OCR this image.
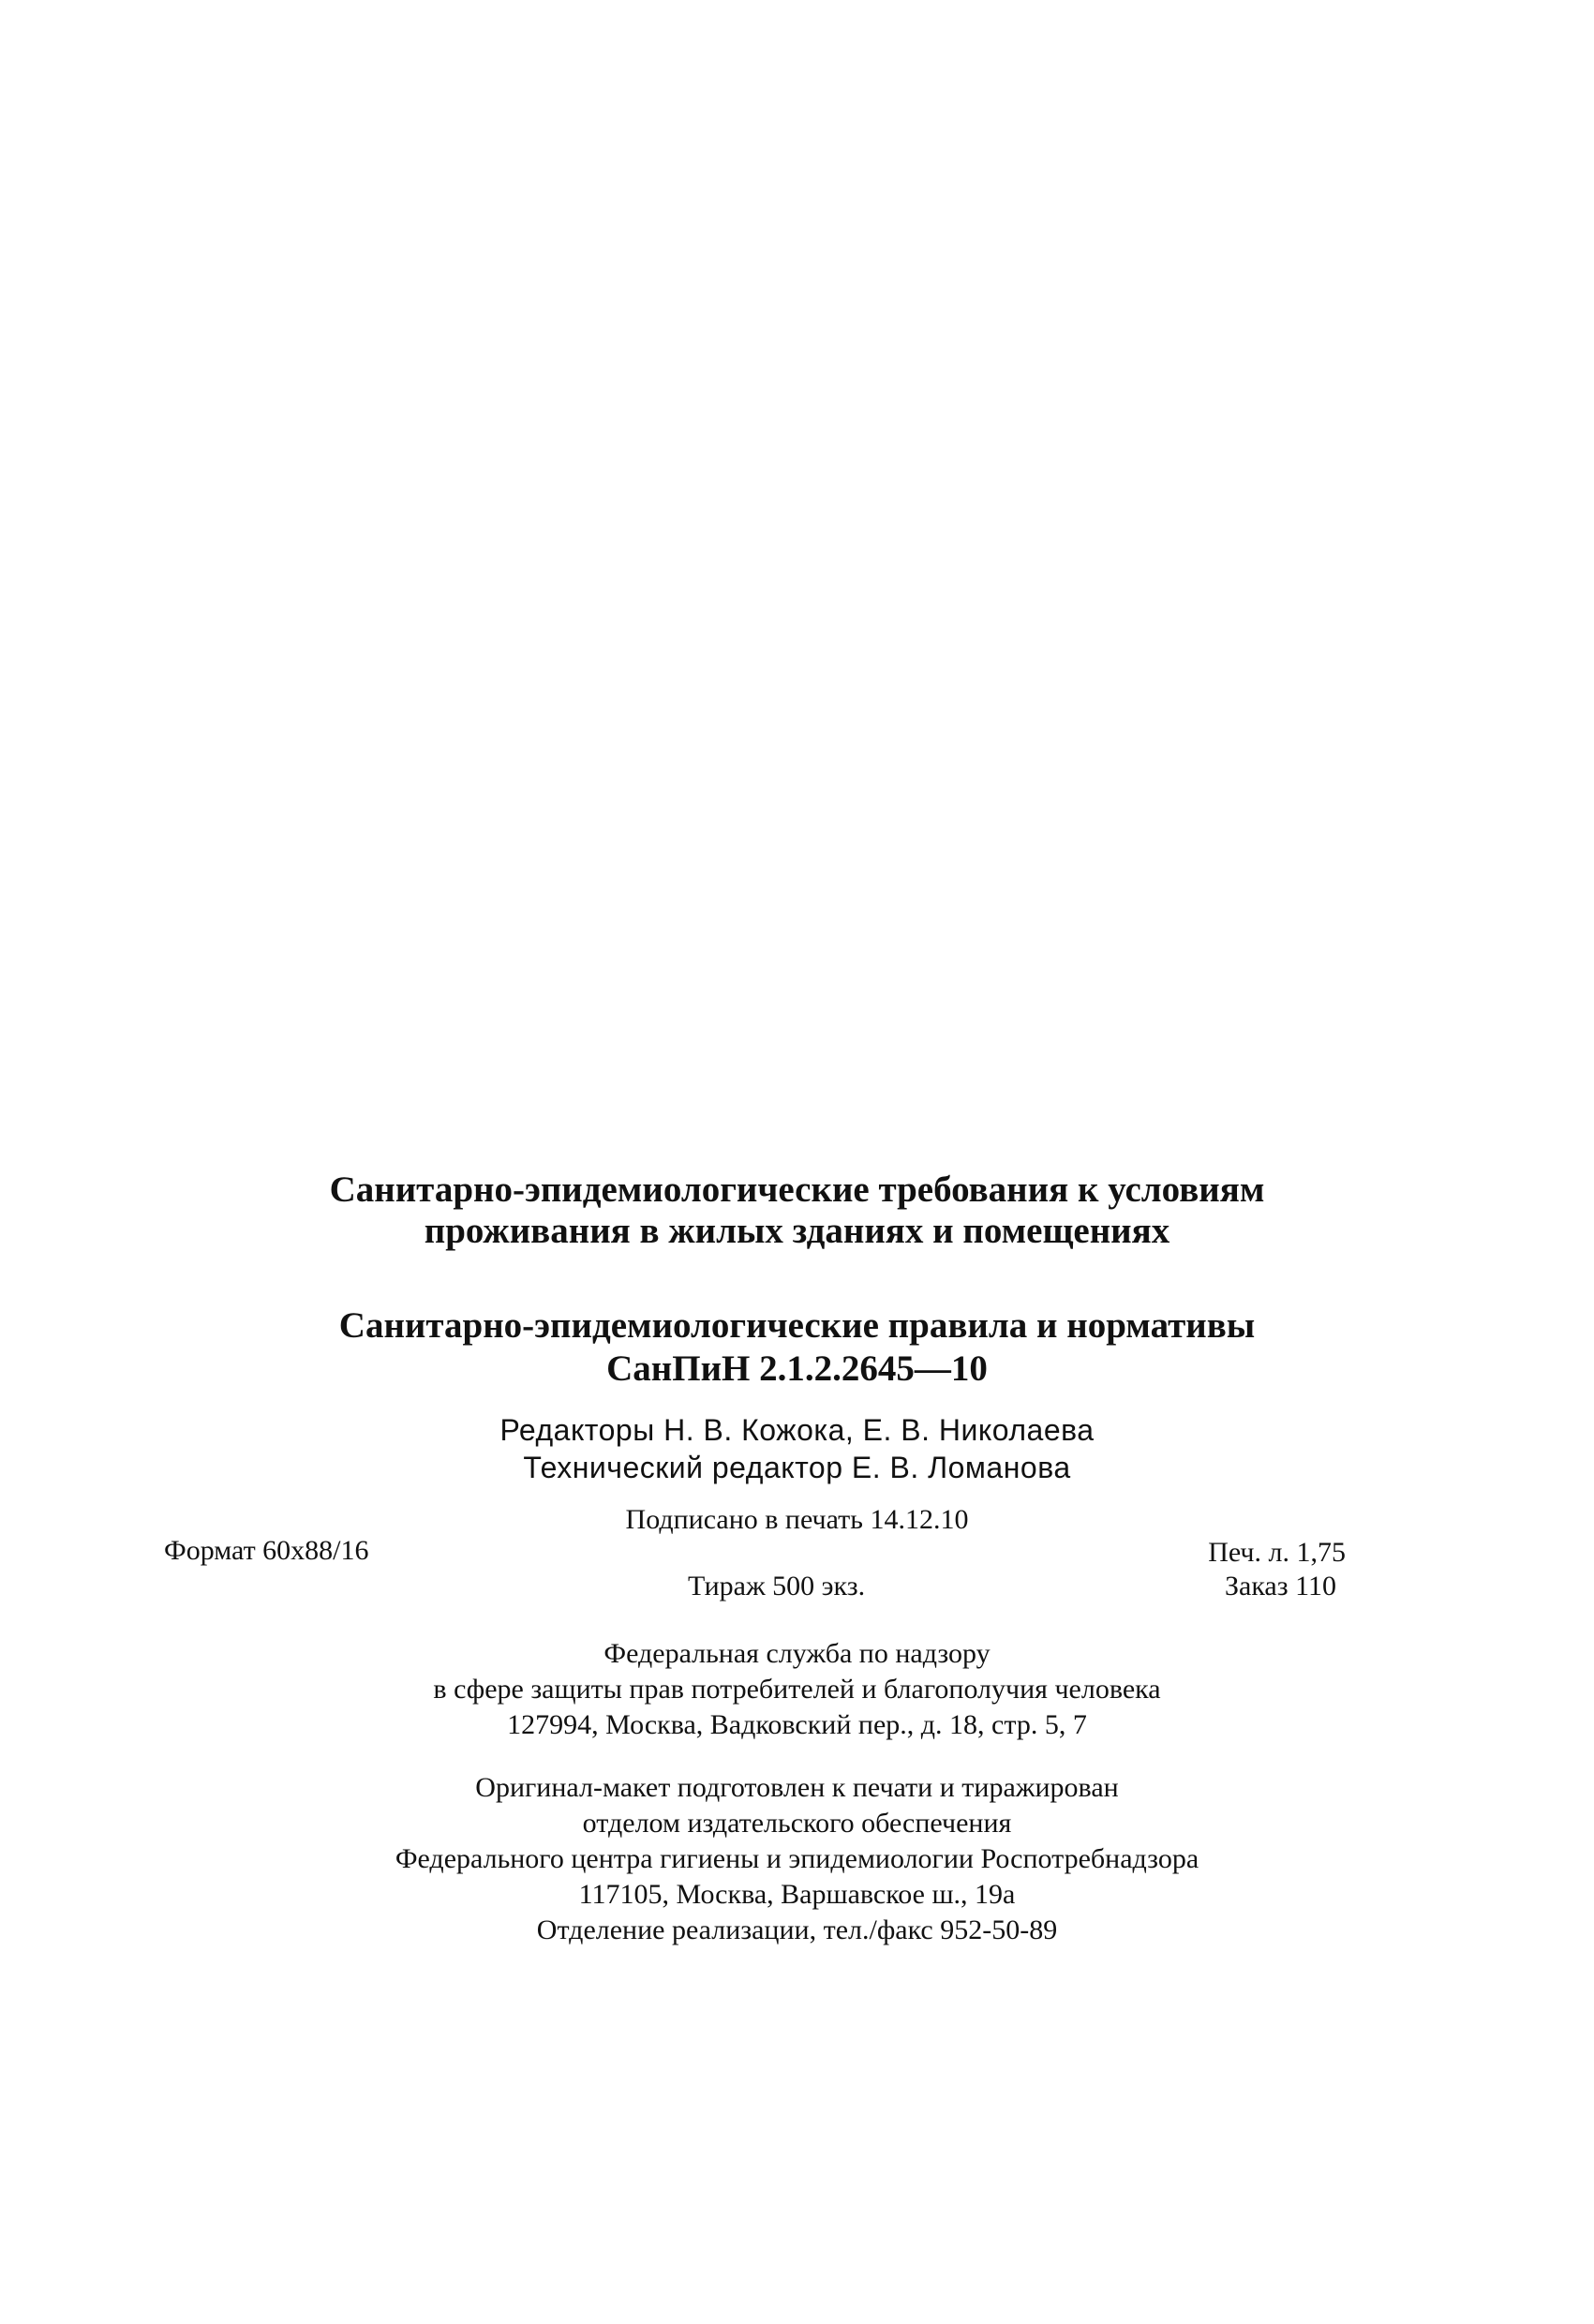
Санитарно-эпидемиологические требования к условиям
проживания в жилых зданиях и помещениях
Санитарно-эпидемиологические правила и нормативы
СанПиН 2.1.2.2645—10
Редакторы Н. В. Кожока, Е. В. Николаева
Технический редактор Е. В. Ломанова
Подписано в печать 14.12.10
Формат 60x88/16	Печ. л. 1,75
Тираж 500 экз.	Заказ 110
Федеральная служба по надзору
в сфере защиты прав потребителей и благополучия человека
127994, Москва, Вадковский пер., д. 18, стр. 5, 7
Оригинал-макет подготовлен к печати и тиражирован
отделом издательского обеспечения
Федерального центра гигиены и эпидемиологии Роспотребнадзора
117105, Москва, Варшавское ш., 19а
Отделение реализации, тел./факс 952-50-89
